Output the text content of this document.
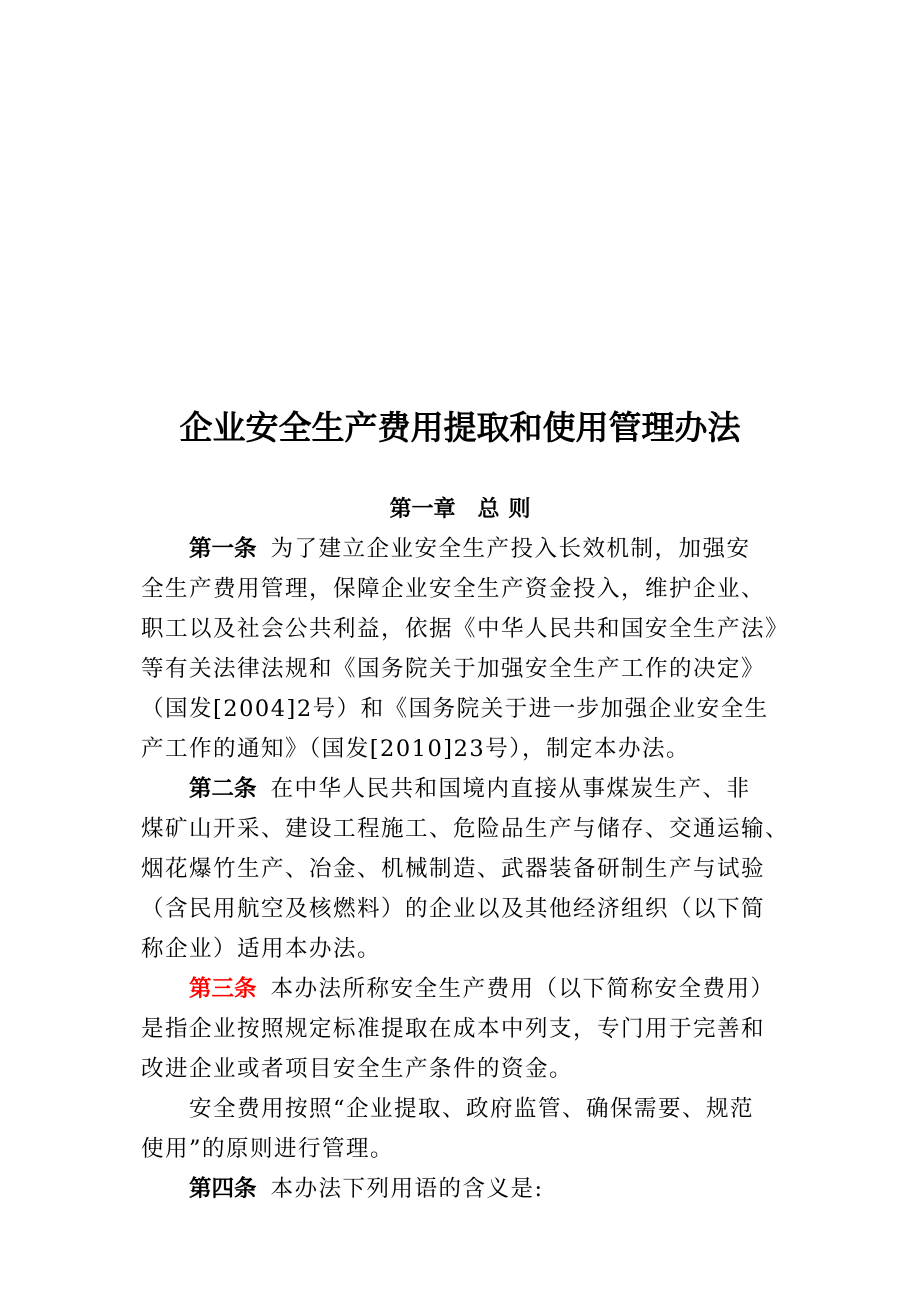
企业安全生产费用提取和使用管理办法
第一章 总 则
第一条 为了建立企业安全生产投入长效机制，加强安
全生产费用管理，保障企业安全生产资金投入，维护企业、
职工以及社会公共利益，依据《中华人民共和国安全生产法》
等有关法律法规和《国务院关于加强安全生产工作的决定》
（国发[2004]2号）和《国务院关于进一步加强企业安全生
产工作的通知》（国发[2010]23号），制定本办法。
第二条 在中华人民共和国境内直接从事煤炭生产、非
煤矿山开采、建设工程施工、危险品生产与储存、交通运输、
烟花爆竹生产、冶金、机械制造、武器装备研制生产与试验
（含民用航空及核燃料）的企业以及其他经济组织（以下简
称企业）适用本办法。
第三条 本办法所称安全生产费用（以下简称安全费用）
是指企业按照规定标准提取在成本中列支，专门用于完善和
改进企业或者项目安全生产条件的资金。
安全费用按照“企业提取、政府监管、确保需要、规范
使用”的原则进行管理。
第四条 本办法下列用语的含义是:
